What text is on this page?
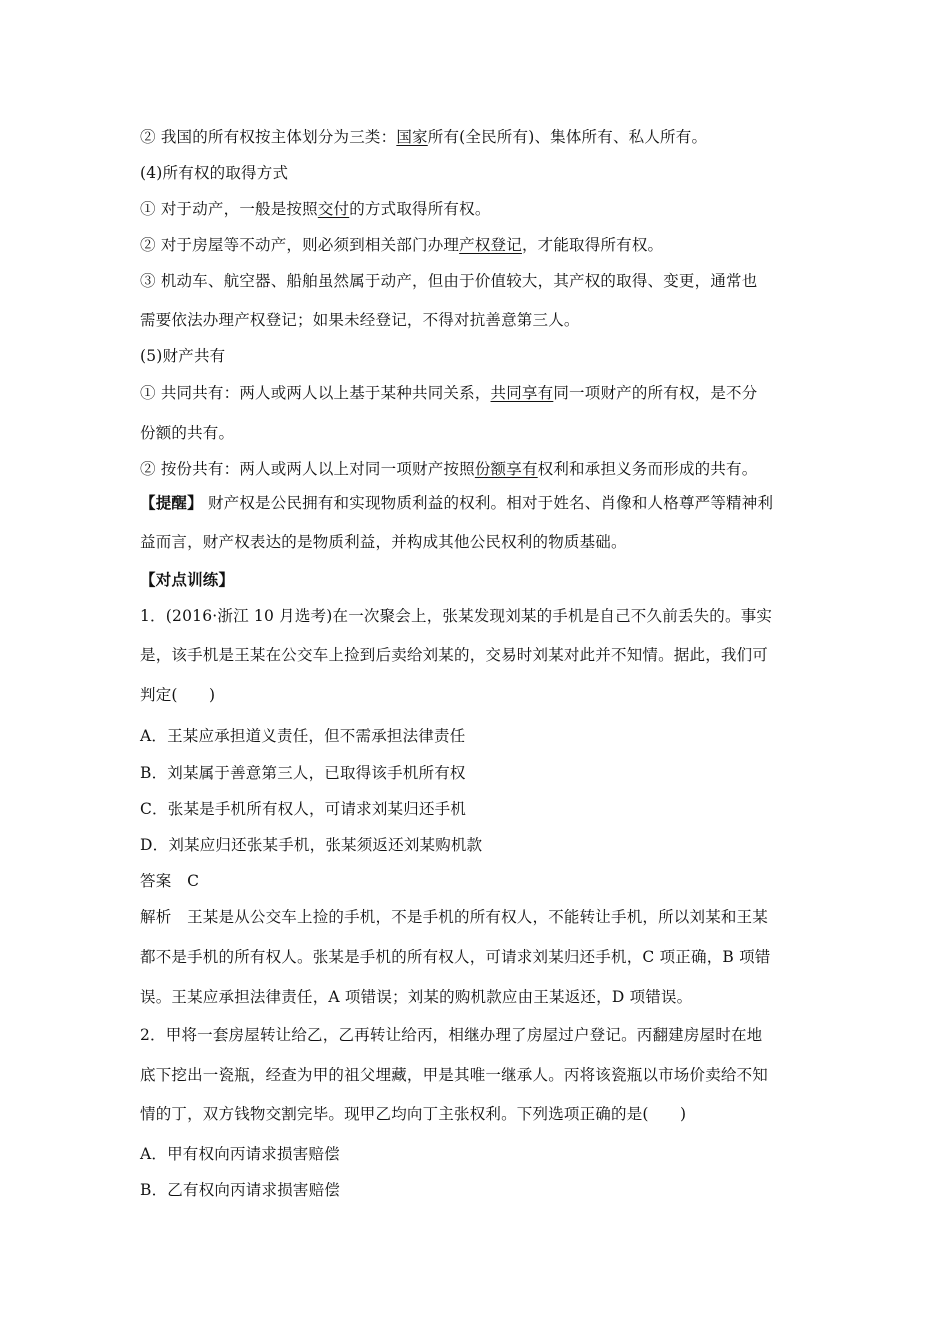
② 我国的所有权按主体划分为三类：国家所有(全民所有)、集体所有、私人所有。
(4)所有权的取得方式
① 对于动产，一般是按照交付的方式取得所有权。
② 对于房屋等不动产，则必须到相关部门办理产权登记，才能取得所有权。
③ 机动车、航空器、船舶虽然属于动产，但由于价值较大，其产权的取得、变更，通常也
需要依法办理产权登记；如果未经登记，不得对抗善意第三人。
(5)财产共有
① 共同共有：两人或两人以上基于某种共同关系，共同享有同一项财产的所有权，是不分
份额的共有。
② 按份共有：两人或两人以上对同一项财产按照份额享有权利和承担义务而形成的共有。
【提醒】 财产权是公民拥有和实现物质利益的权利。相对于姓名、肖像和人格尊严等精神利
益而言，财产权表达的是物质利益，并构成其他公民权利的物质基础。
【对点训练】
1．(2016·浙江 10 月选考)在一次聚会上，张某发现刘某的手机是自己不久前丢失的。事实
是，该手机是王某在公交车上捡到后卖给刘某的，交易时刘某对此并不知情。据此，我们可
判定(　　)
A．王某应承担道义责任，但不需承担法律责任
B．刘某属于善意第三人，已取得该手机所有权
C．张某是手机所有权人，可请求刘某归还手机
D．刘某应归还张某手机，张某须返还刘某购机款
答案　C
解析　王某是从公交车上捡的手机，不是手机的所有权人，不能转让手机，所以刘某和王某
都不是手机的所有权人。张某是手机的所有权人，可请求刘某归还手机，C 项正确，B 项错
误。王某应承担法律责任，A 项错误；刘某的购机款应由王某返还，D 项错误。
2．甲将一套房屋转让给乙，乙再转让给丙，相继办理了房屋过户登记。丙翻建房屋时在地
底下挖出一瓷瓶，经查为甲的祖父埋藏，甲是其唯一继承人。丙将该瓷瓶以市场价卖给不知
情的丁，双方钱物交割完毕。现甲乙均向丁主张权利。下列选项正确的是(　　)
A．甲有权向丙请求损害赔偿
B．乙有权向丙请求损害赔偿
